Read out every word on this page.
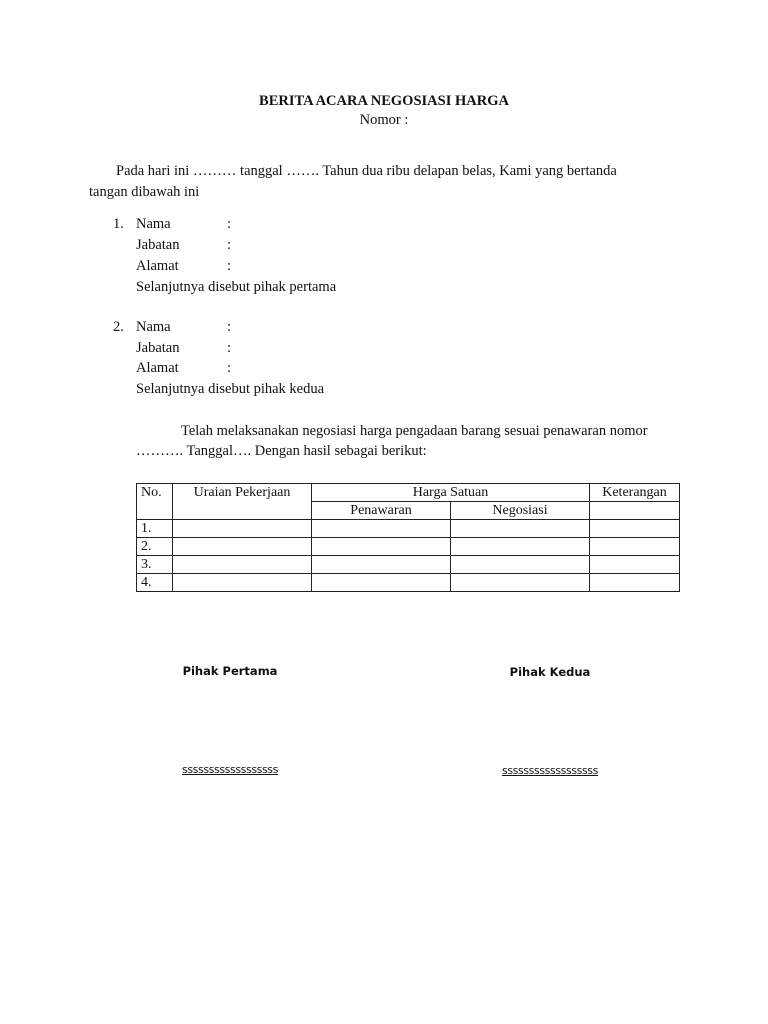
BERITA ACARA NEGOSIASI HARGA
Nomor :
Pada hari ini ……… tanggal ……. Tahun dua ribu delapan belas, Kami yang bertanda
tangan dibawah ini
1. Nama	:
Jabatan	:
Alamat	:
Selanjutnya disebut pihak pertama
2. Nama	:
Jabatan	:
Alamat	:
Selanjutnya disebut pihak kedua
Telah melaksanakan negosiasi harga pengadaan barang sesuai penawaran nomor
………. Tanggal…. Dengan hasil sebagai berikut:
No.	Uraian Pekerjaan	Harga Satuan		Keterangan
		Penawaran	Negosiasi	
1.				
2.				
3.				
4.				
Pihak Pertama	Pihak Kedua
ssssssssssssssssss	ssssssssssssssssss
